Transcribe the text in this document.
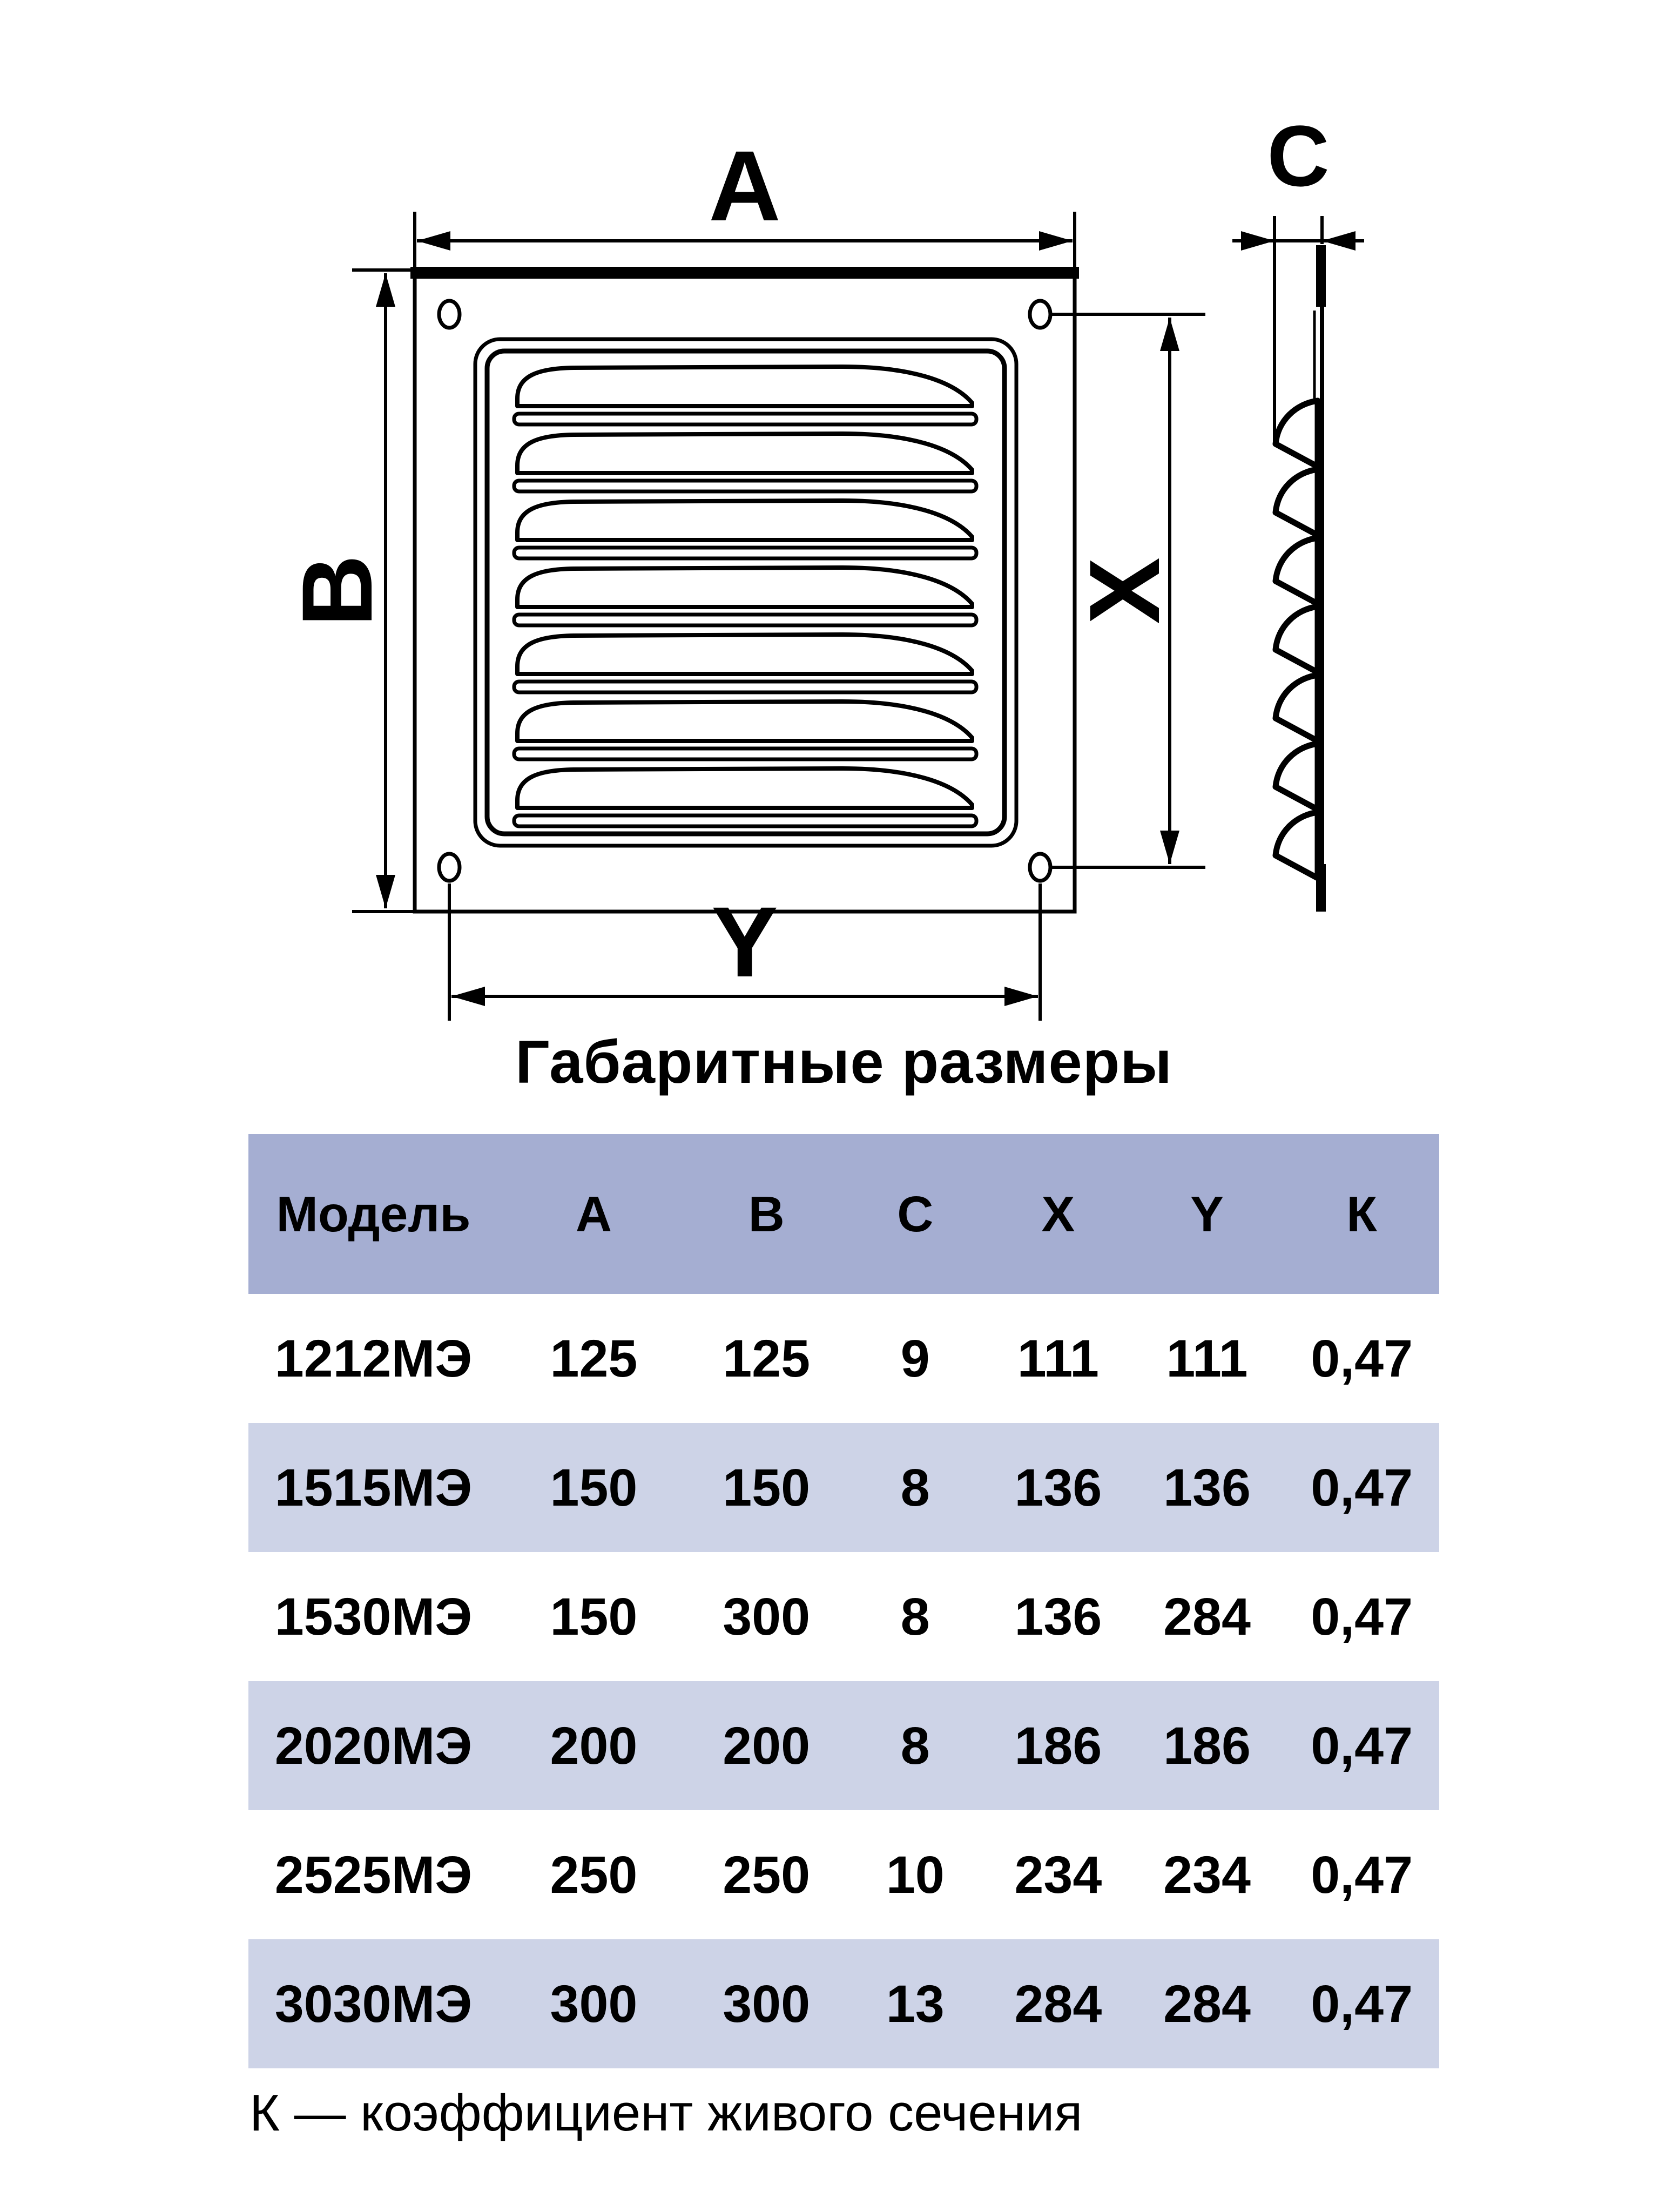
A
B	X
Y
C
Габаритные размеры
Модель	A	B	C	X	Y	К
1212МЭ	125	125	9	111	111	0,47
1515МЭ	150	150	8	136	136	0,47
1530МЭ	150	300	8	136	284	0,47
2020МЭ	200	200	8	186	186	0,47
2525МЭ	250	250	10	234	234	0,47
3030МЭ	300	300	13	284	284	0,47
К — коэффициент живого сечения
